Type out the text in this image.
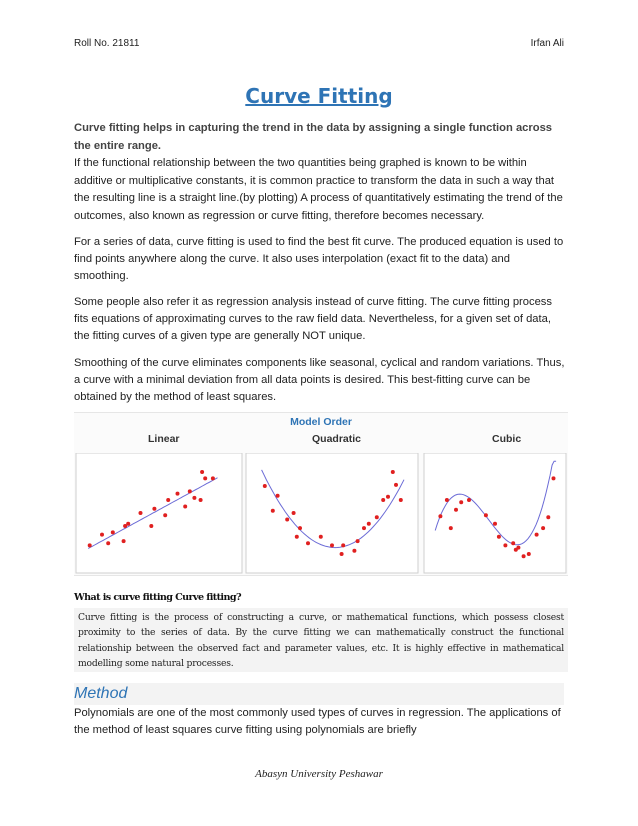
Roll No. 21811	Irfan Ali
Curve Fitting
Curve fitting helps in capturing the trend in the data by assigning a single function across the entire range.
If the functional relationship between the two quantities being graphed is known to be within additive or multiplicative constants, it is common practice to transform the data in such a way that the resulting line is a straight line.(by plotting) A process of quantitatively estimating the trend of the outcomes, also known as regression or curve fitting, therefore becomes necessary.

For a series of data, curve fitting is used to find the best fit curve. The produced equation is used to find points anywhere along the curve. It also uses interpolation (exact fit to the data) and smoothing.

Some people also refer it as regression analysis instead of curve fitting. The curve fitting process fits equations of approximating curves to the raw field data. Nevertheless, for a given set of data, the fitting curves of a given type are generally NOT unique.

Smoothing of the curve eliminates components like seasonal, cyclical and random variations. Thus, a curve with a minimal deviation from all data points is desired. This best-fitting curve can be obtained by the method of least squares.

Model Order
Linear	Quadratic	Cubic
What is curve fitting Curve fitting?
Curve fitting is the process of constructing a curve, or mathematical functions, which possess closest proximity to the series of data. By the curve fitting we can mathematically construct the functional relationship between the observed fact and parameter values, etc. It is highly effective in mathematical modelling some natural processes.
Method

Polynomials are one of the most commonly used types of curves in regression. The applications of the method of least squares curve fitting using polynomials are briefly

Abasyn University Peshawar
